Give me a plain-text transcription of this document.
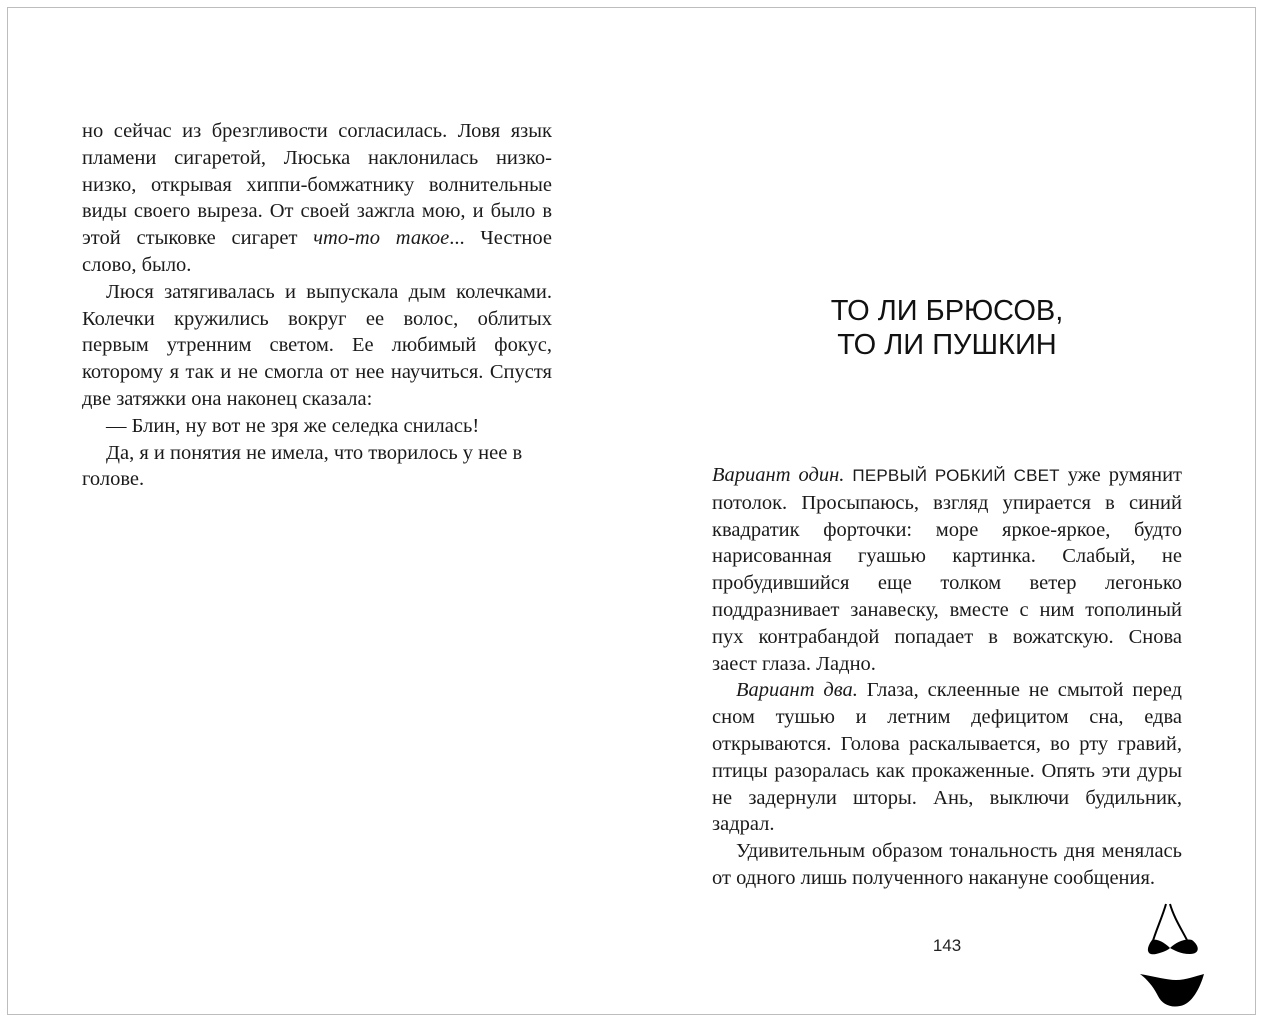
но сейчас из брезгливости согласилась. Ловя язык пламени сигаретой, Люська наклонилась низко-низко, открывая хиппи-бомжатнику волнительные виды своего выреза. От своей зажгла мою, и было в этой стыковке сигарет что-то такое... Честное слово, было.

Люся затягивалась и выпускала дым колечками. Колечки кружились вокруг ее волос, облитых первым утренним светом. Ее любимый фокус, которому я так и не смогла от нее научиться. Спустя две затяжки она наконец сказала:

— Блин, ну вот не зря же селедка снилась!

Да, я и понятия не имела, что творилось у нее в голове.

ТО ЛИ БРЮСОВ,
ТО ЛИ ПУШКИН

Вариант один. ПЕРВЫЙ РОБКИЙ СВЕТ уже румянит потолок. Просыпаюсь, взгляд упирается в синий квадратик форточки: море яркое-яркое, будто нарисованная гуашью картинка. Слабый, не пробудившийся еще толком ветер легонько поддразнивает занавеску, вместе с ним тополиный пух контрабандой попадает в вожатскую. Снова заест глаза. Ладно.

Вариант два. Глаза, склеенные не смытой перед сном тушью и летним дефицитом сна, едва открываются. Голова раскалывается, во рту гравий, птицы разоралась как прокаженные. Опять эти дуры не задернули шторы. Ань, выключи будильник, задрал.

Удивительным образом тональность дня менялась от одного лишь полученного накануне сообщения.

143
